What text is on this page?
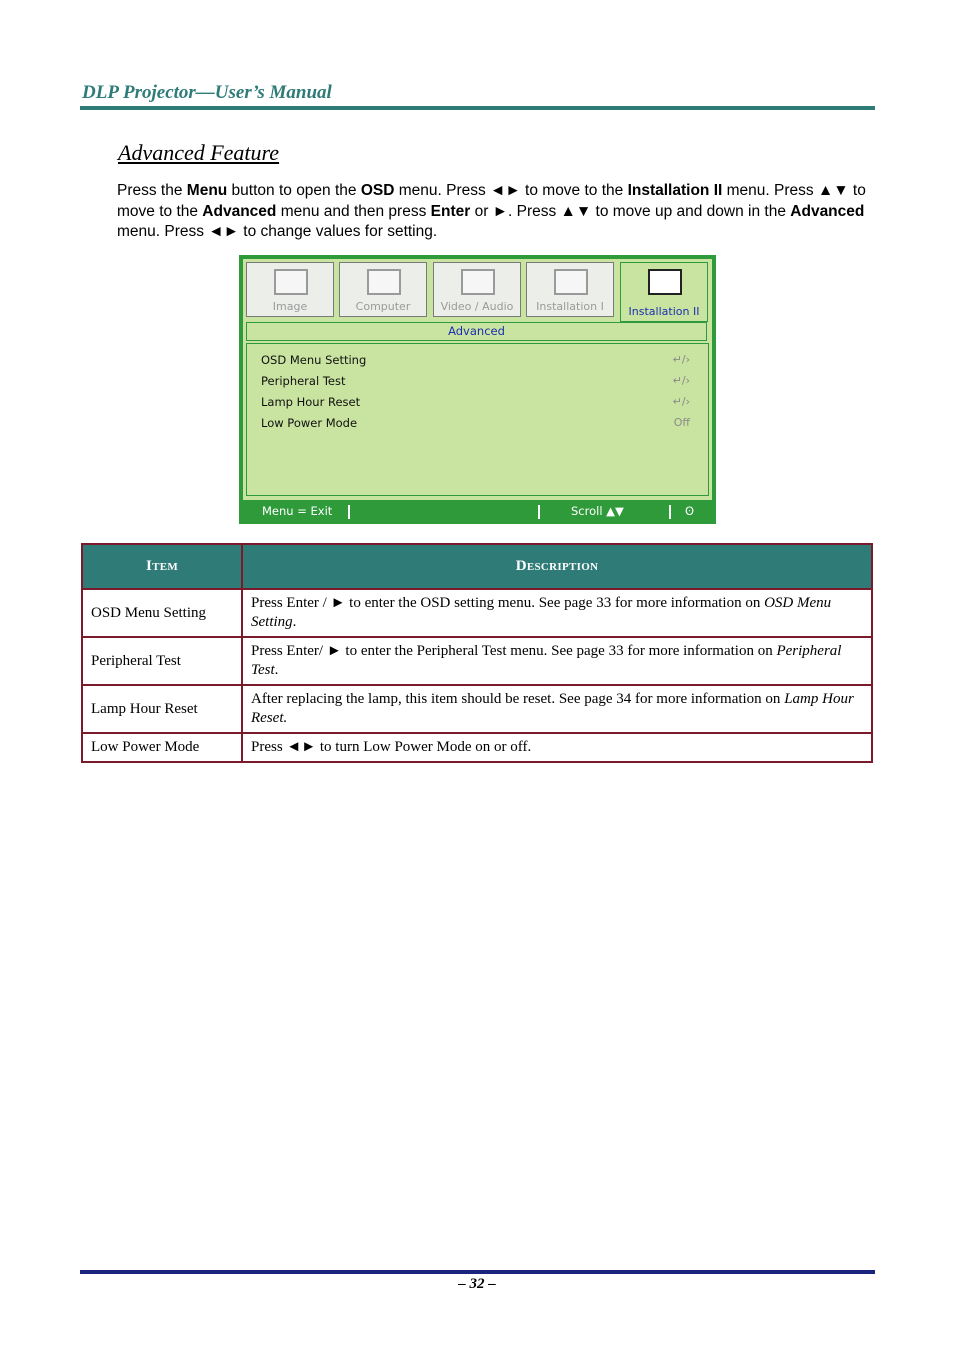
DLP Projector—User’s Manual
Advanced Feature
Press the Menu button to open the OSD menu. Press ◄► to move to the Installation II menu. Press ▲▼ to move to the Advanced menu and then press Enter or ►. Press ▲▼ to move up and down in the Advanced menu. Press ◄► to change values for setting.
Image	Computer	Video / Audio	Installation I	Installation II
Advanced
OSD Menu Setting	↵/›
Peripheral Test	↵/›
Lamp Hour Reset	↵/›
Low Power Mode	Off
Menu = Exit	Scroll ▲▼	ʘ
Item	Description
OSD Menu Setting	Press Enter / ► to enter the OSD setting menu. See page 33 for more information on OSD Menu Setting.
Peripheral Test	Press Enter/ ► to enter the Peripheral Test menu. See page 33 for more information on Peripheral Test.
Lamp Hour Reset	After replacing the lamp, this item should be reset. See page 34 for more information on Lamp Hour Reset.
Low Power Mode	Press ◄► to turn Low Power Mode on or off.
– 32 –
